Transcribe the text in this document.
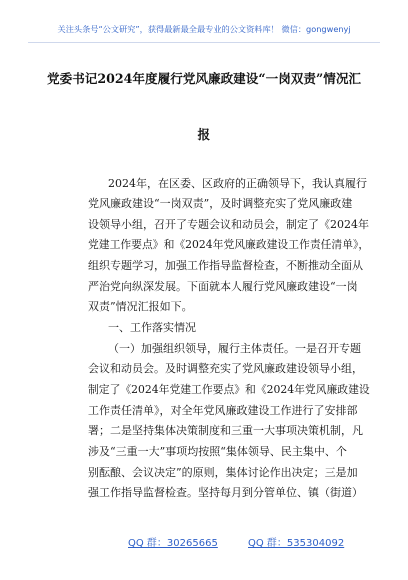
关注头条号“公文研究”，获得最新最全最专业的公文资料库！ 微信：gongwenyj
党委书记2024年度履行党风廉政建设“一岗双责”情况汇
报
2024年，在区委、区政府的正确领导下，我认真履行
党风廉政建设“一岗双责”，及时调整充实了党风廉政建
设领导小组，召开了专题会议和动员会，制定了《2024年
党建工作要点》和《2024年党风廉政建设工作责任清单》，
组织专题学习，加强工作指导监督检查，不断推动全面从
严治党向纵深发展。下面就本人履行党风廉政建设“一岗
双责”情况汇报如下。
一、工作落实情况
（一）加强组织领导，履行主体责任。一是召开专题
会议和动员会。及时调整充实了党风廉政建设领导小组，
制定了《2024年党建工作要点》和《2024年党风廉政建设
工作责任清单》，对全年党风廉政建设工作进行了安排部
署；二是坚持集体决策制度和三重一大事项决策机制，凡
涉及“三重一大”事项均按照“集体领导、民主集中、个
别酝酿、会议决定”的原则，集体讨论作出决定；三是加
强工作指导监督检查。坚持每月到分管单位、镇（街道）
QQ 群：30265665	QQ 群：535304092
